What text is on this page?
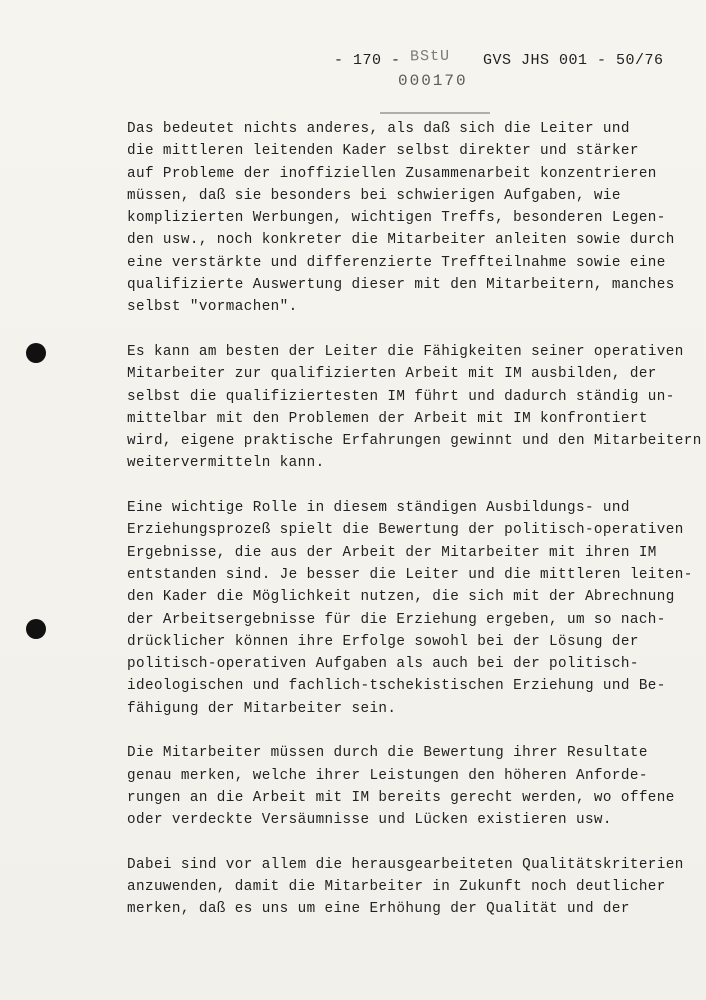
- 170 - BStU
000170
GVS JHS 001 - 50/76

Das bedeutet nichts anderes, als daß sich die Leiter und
die mittleren leitenden Kader selbst direkter und stärker
auf Probleme der inoffiziellen Zusammenarbeit konzentrieren
müssen, daß sie besonders bei schwierigen Aufgaben, wie
komplizierten Werbungen, wichtigen Treffs, besonderen Legen-
den usw., noch konkreter die Mitarbeiter anleiten sowie durch
eine verstärkte und differenzierte Treffteilnahme sowie eine
qualifizierte Auswertung dieser mit den Mitarbeitern, manches
selbst "vormachen".

Es kann am besten der Leiter die Fähigkeiten seiner operativen
Mitarbeiter zur qualifizierten Arbeit mit IM ausbilden, der
selbst die qualifiziertesten IM führt und dadurch ständig un-
mittelbar mit den Problemen der Arbeit mit IM konfrontiert
wird, eigene praktische Erfahrungen gewinnt und den Mitarbeitern
weitervermitteln kann.

Eine wichtige Rolle in diesem ständigen Ausbildungs- und
Erziehungsprozeß spielt die Bewertung der politisch-operativen
Ergebnisse, die aus der Arbeit der Mitarbeiter mit ihren IM
entstanden sind. Je besser die Leiter und die mittleren leiten-
den Kader die Möglichkeit nutzen, die sich mit der Abrechnung
der Arbeitsergebnisse für die Erziehung ergeben, um so nach-
drücklicher können ihre Erfolge sowohl bei der Lösung der
politisch-operativen Aufgaben als auch bei der politisch-
ideologischen und fachlich-tschekistischen Erziehung und Be-
fähigung der Mitarbeiter sein.

Die Mitarbeiter müssen durch die Bewertung ihrer Resultate
genau merken, welche ihrer Leistungen den höheren Anforde-
rungen an die Arbeit mit IM bereits gerecht werden, wo offene
oder verdeckte Versäumnisse und Lücken existieren usw.

Dabei sind vor allem die herausgearbeiteten Qualitätskriterien
anzuwenden, damit die Mitarbeiter in Zukunft noch deutlicher
merken, daß es uns um eine Erhöhung der Qualität und der
